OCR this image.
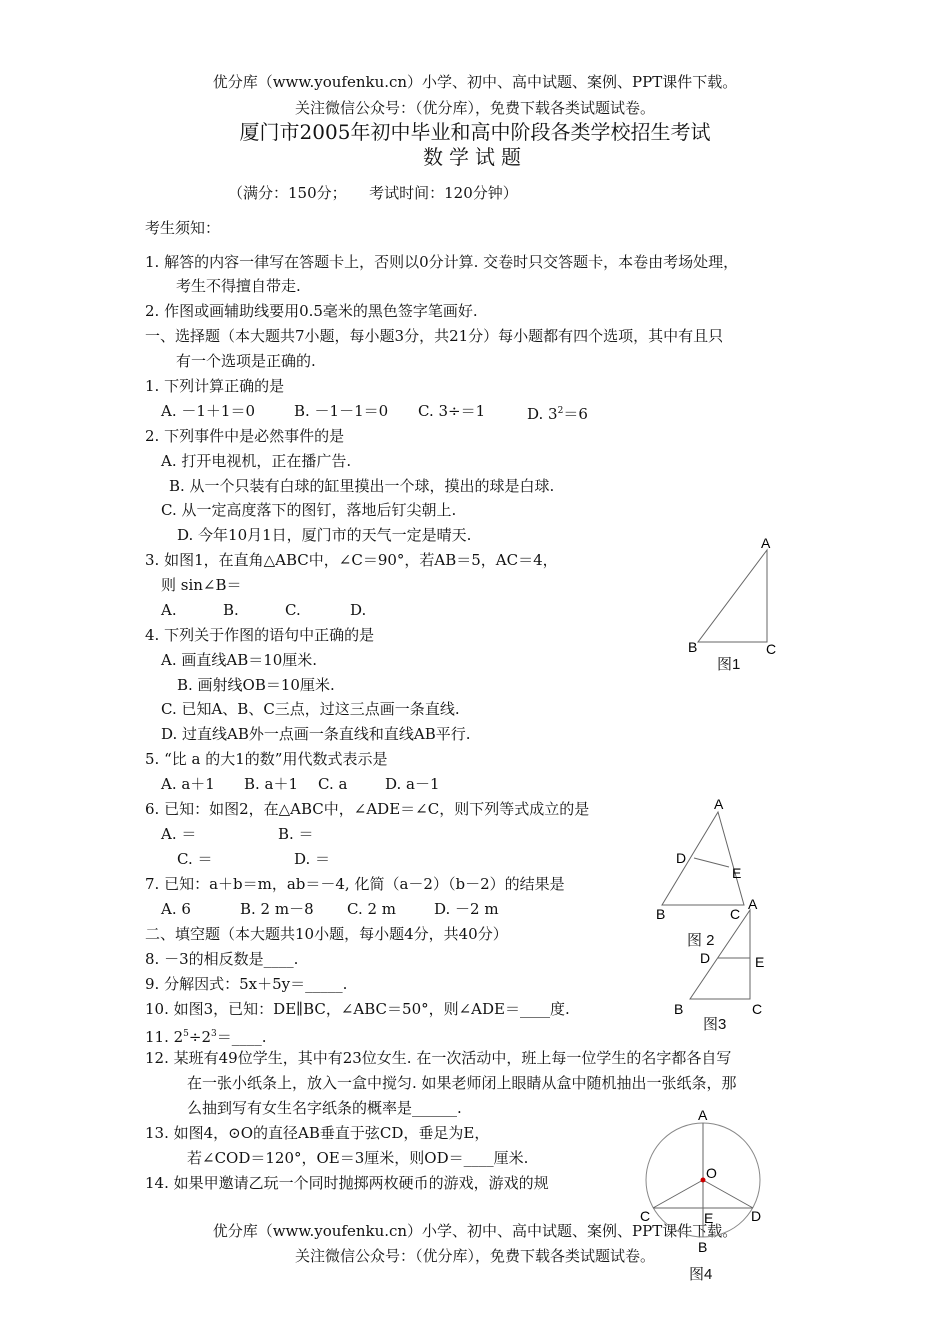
优分库（www.youfenku.cn）小学、初中、高中试题、案例、PPT课件下载。
关注微信公众号：（优分库），免费下载各类试题试卷。
厦门市2005年初中毕业和高中阶段各类学校招生考试
数学试题
（满分：150分；　　考试时间：120分钟）
考生须知：
1. 解答的内容一律写在答题卡上，否则以0分计算. 交卷时只交答题卡，本卷由考场处理，
考生不得擅自带走.
2. 作图或画辅助线要用0.5毫米的黑色签字笔画好.
一、选择题（本大题共7小题，每小题3分，共21分）每小题都有四个选项，其中有且只
有一个选项是正确的.
1. 下列计算正确的是
A. －1＋1＝0	B. －1－1＝0 C. 3÷＝1	D. $3^2=6$
2. 下列事件中是必然事件的是
A. 打开电视机，正在播广告.
B. 从一个只装有白球的缸里摸出一个球，摸出的球是白球.
C. 从一定高度落下的图钉，落地后钉尖朝上.
D. 今年10月1日，厦门市的天气一定是晴天.
3. 如图1，在直角△ABC中，∠C＝90°，若AB＝5，AC＝4，
则 sin∠B＝
A.	B.	C.	D.
4. 下列关于作图的语句中正确的是
A. 画直线AB＝10厘米.
B. 画射线OB＝10厘米.
C. 已知A、B、C三点，过这三点画一条直线.
D. 过直线AB外一点画一条直线和直线AB平行.
5. “比 a 的大1的数”用代数式表示是
A. a＋1 B. a＋1 C. a	D. a－1
6. 已知：如图2，在△ABC中，∠ADE＝∠C，则下列等式成立的是
A. ＝	B. ＝
C. ＝	D. ＝
7. 已知：a＋b＝m，ab＝－4, 化简（a－2）（b－2）的结果是
A. 6	B. 2 m－8 C. 2 m	D. －2 m
二、填空题（本大题共10小题，每小题4分，共40分）
8. －3的相反数是____.
9. 分解因式：5x＋5y＝_____.
10. 如图3，已知：DE∥BC，∠ABC＝50°，则∠ADE＝____度.
11. $2^5\div 2^3=\_\_\_\_$.
12. 某班有49位学生，其中有23位女生. 在一次活动中，班上每一位学生的名字都各自写
在一张小纸条上，放入一盒中搅匀. 如果老师闭上眼睛从盒中随机抽出一张纸条，那
么抽到写有女生名字纸条的概率是______.
13. 如图4，⊙O的直径AB垂直于弦CD，垂足为E，
若∠COD＝120°，OE＝3厘米，则OD＝____厘米.
14. 如果甲邀请乙玩一个同时抛掷两枚硬币的游戏，游戏的规
优分库（www.youfenku.cn）小学、初中、高中试题、案例、PPT课件下载。
关注微信公众号：（优分库），免费下载各类试题试卷。
A
B	C
图1
A
D
E
B	C
图 2
A
D	E
B	C
图3
A
O
C	E	D
B
图4
